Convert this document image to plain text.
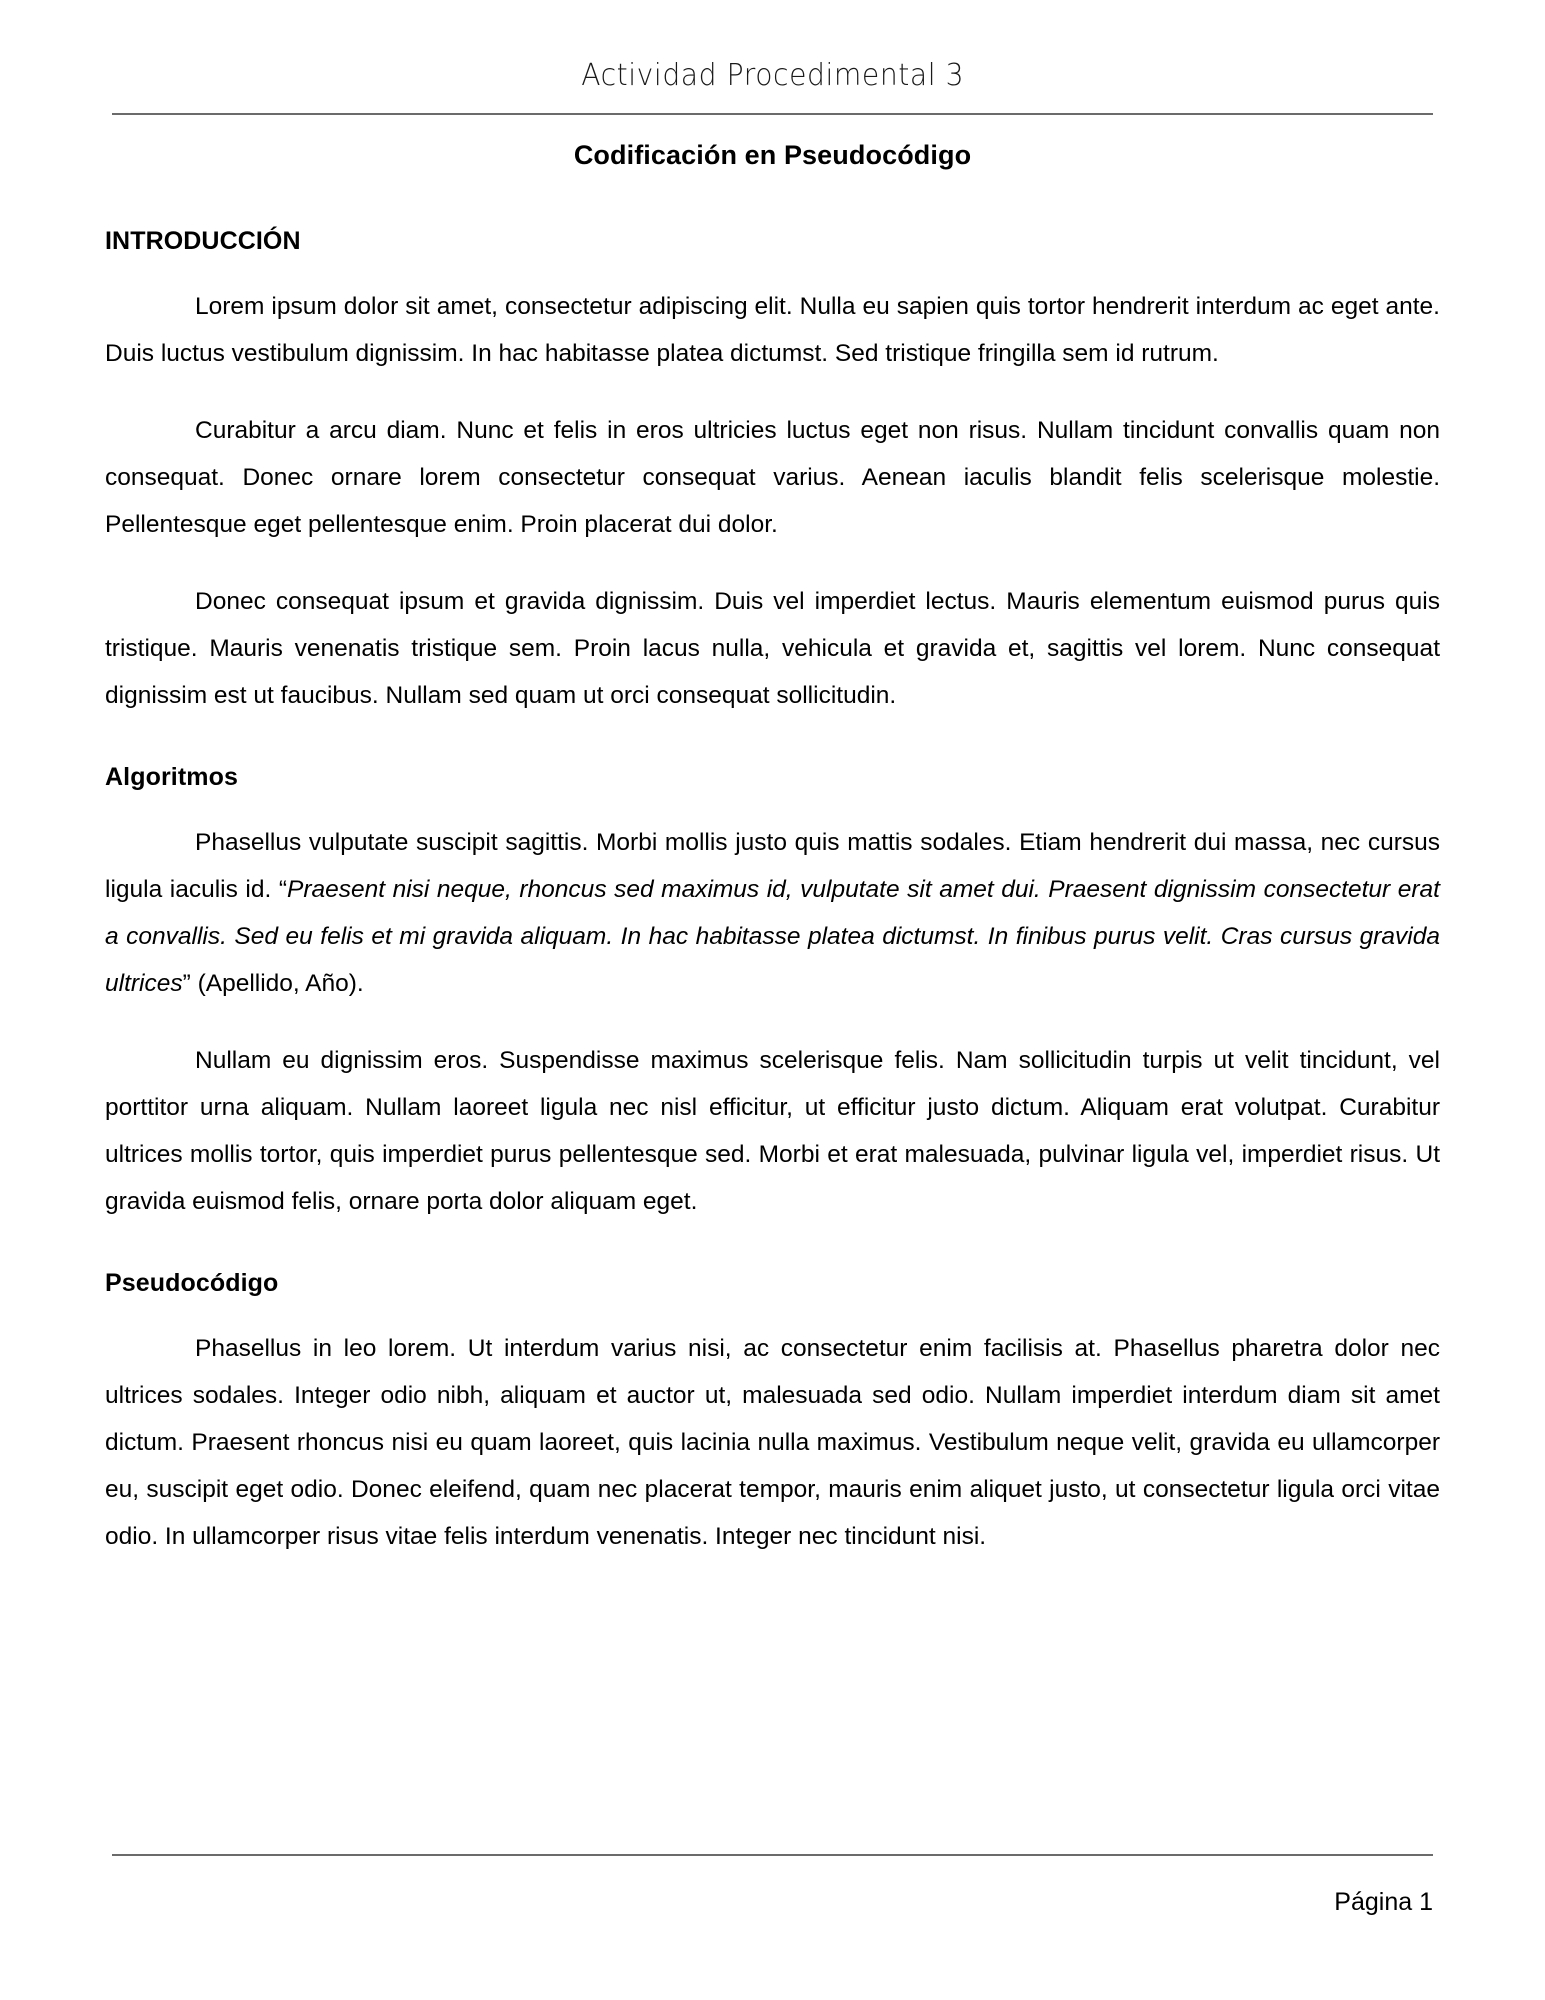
Actividad Procedimental 3
Codificación en Pseudocódigo
INTRODUCCIÓN

Lorem ipsum dolor sit amet, consectetur adipiscing elit. Nulla eu sapien quis tortor hendrerit interdum ac eget ante. Duis luctus vestibulum dignissim. In hac habitasse platea dictumst. Sed tristique fringilla sem id rutrum.

Curabitur a arcu diam. Nunc et felis in eros ultricies luctus eget non risus. Nullam tincidunt convallis quam non consequat. Donec ornare lorem consectetur consequat varius. Aenean iaculis blandit felis scelerisque molestie. Pellentesque eget pellentesque enim. Proin placerat dui dolor.

Donec consequat ipsum et gravida dignissim. Duis vel imperdiet lectus. Mauris elementum euismod purus quis tristique. Mauris venenatis tristique sem. Proin lacus nulla, vehicula et gravida et, sagittis vel lorem. Nunc consequat dignissim est ut faucibus. Nullam sed quam ut orci consequat sollicitudin.

Algoritmos

Phasellus vulputate suscipit sagittis. Morbi mollis justo quis mattis sodales. Etiam hendrerit dui massa, nec cursus ligula iaculis id. “Praesent nisi neque, rhoncus sed maximus id, vulputate sit amet dui. Praesent dignissim consectetur erat a convallis. Sed eu felis et mi gravida aliquam. In hac habitasse platea dictumst. In finibus purus velit. Cras cursus gravida ultrices” (Apellido, Año).

Nullam eu dignissim eros. Suspendisse maximus scelerisque felis. Nam sollicitudin turpis ut velit tincidunt, vel porttitor urna aliquam. Nullam laoreet ligula nec nisl efficitur, ut efficitur justo dictum. Aliquam erat volutpat. Curabitur ultrices mollis tortor, quis imperdiet purus pellentesque sed. Morbi et erat malesuada, pulvinar ligula vel, imperdiet risus. Ut gravida euismod felis, ornare porta dolor aliquam eget.

Pseudocódigo

Phasellus in leo lorem. Ut interdum varius nisi, ac consectetur enim facilisis at. Phasellus pharetra dolor nec ultrices sodales. Integer odio nibh, aliquam et auctor ut, malesuada sed odio. Nullam imperdiet interdum diam sit amet dictum. Praesent rhoncus nisi eu quam laoreet, quis lacinia nulla maximus. Vestibulum neque velit, gravida eu ullamcorper eu, suscipit eget odio. Donec eleifend, quam nec placerat tempor, mauris enim aliquet justo, ut consectetur ligula orci vitae odio. In ullamcorper risus vitae felis interdum venenatis. Integer nec tincidunt nisi.

Página 1
